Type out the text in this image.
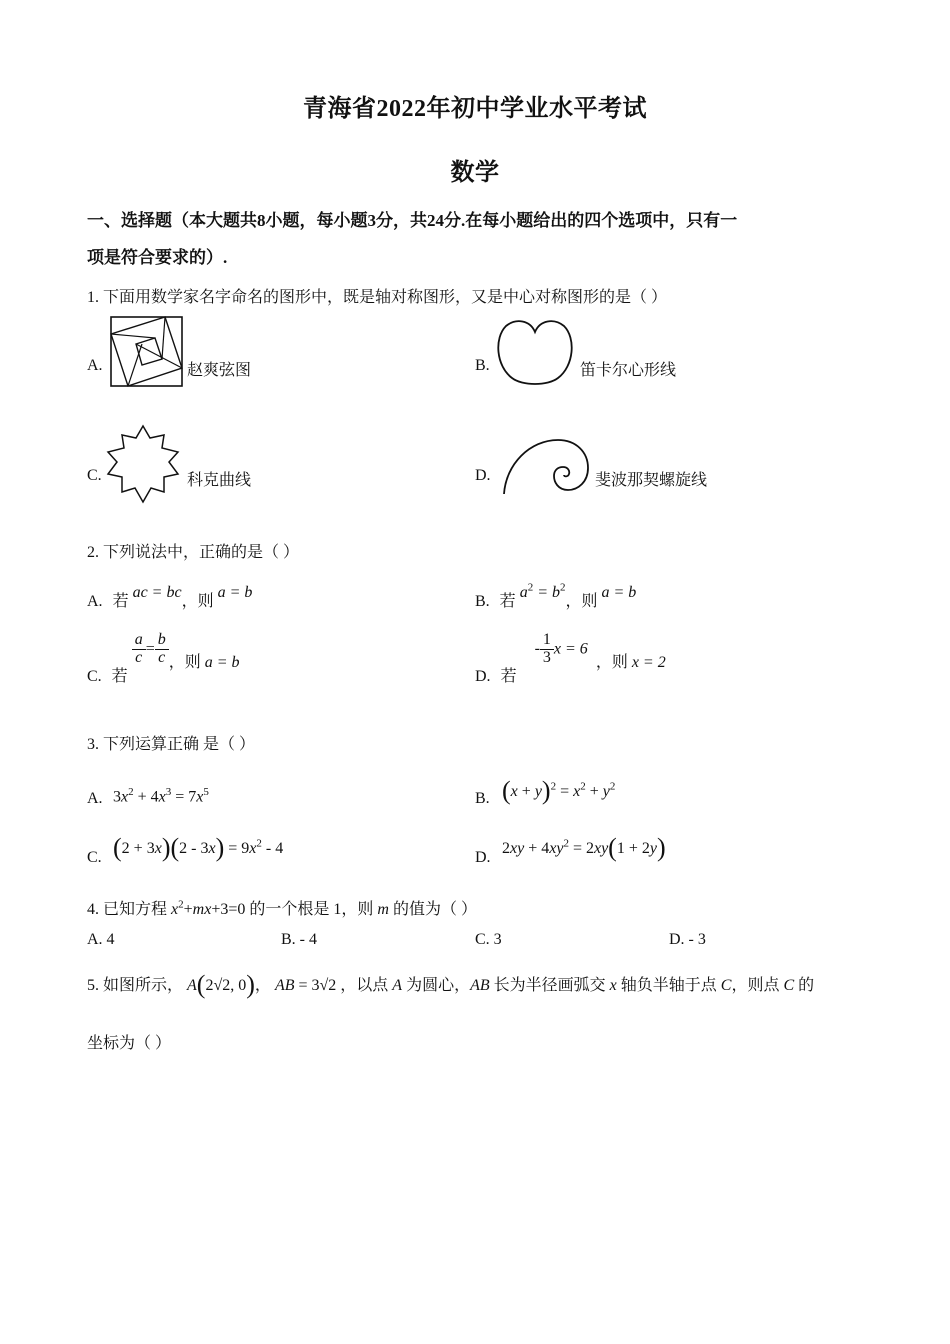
青海省2022年初中学业水平考试
数学
一、选择题（本大题共8小题，每小题3分，共24分.在每小题给出的四个选项中，只有一
项是符合要求的）.
1. 下面用数学家名字命名的图形中，既是轴对称图形，又是中心对称图形的是（ ）
A.	赵爽弦图	B.	笛卡尔心形线
C.	科克曲线	D.	斐波那契螺旋线
2. 下列说法中，正确的是（ ）
A. 若 ac = bc，则 a = b
B. 若 $a^2 = b^2$，则 a = b
C. 若
$\frac{a}{c} = \frac{b}{c}$ ，则 a = b
D. 若 - $\frac{1}{3}$ x = 6，则 x = 2
3. 下列运算正确 是（ ）
A. $3x^2 + 4x^3 = 7x^5$	B. $(x + y)^2 = x^2 + y^2$
C. $(2 + 3x)(2 - 3x) = 9x^2 - 4$
D.
$2xy + 4xy^2 = 2xy(1 + 2y)$
4. 已知方程 $x^2+mx+3=0$ 的一个根是 1，则 m 的值为（ ）
A. 4	B. - 4	C. 3	D. - 3
5. 如图所示， A(2√2, 0)， AB = 3√2 ，以点 A 为圆心，AB 长为半径画弧交 x 轴负半轴于点 C，则点 C 的
坐标为（ ）
